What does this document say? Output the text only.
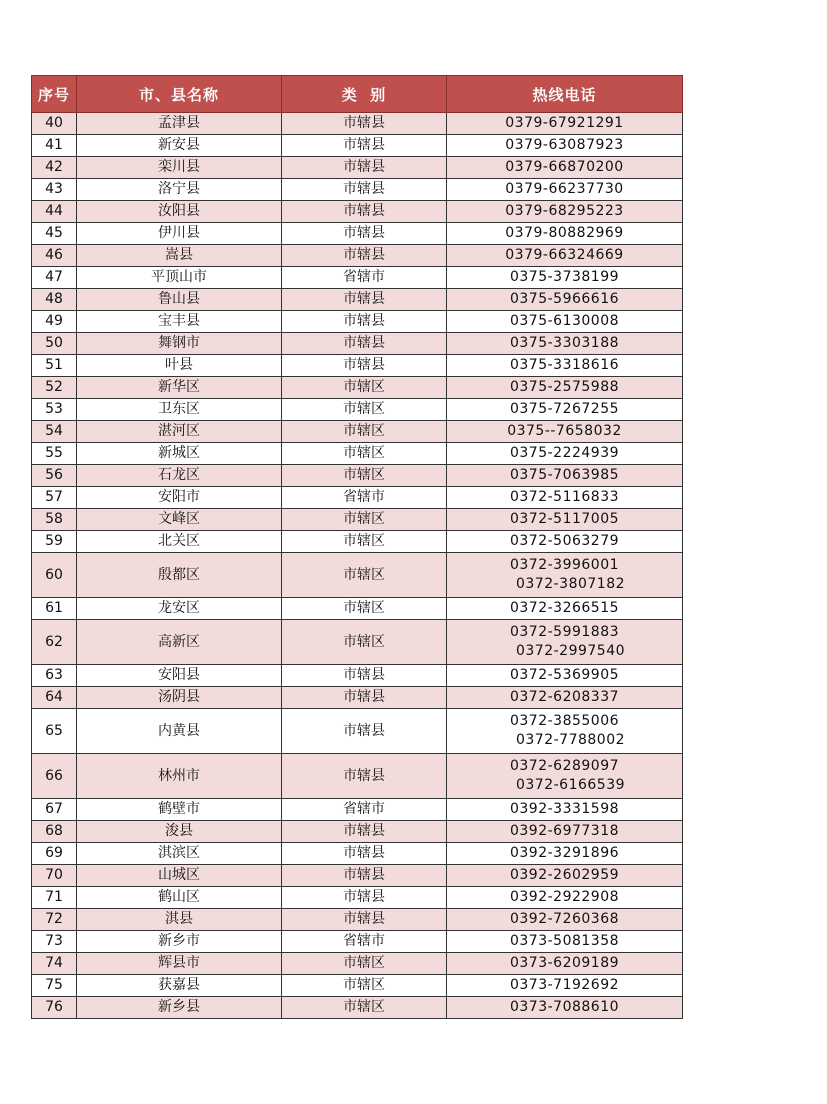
序号	市、县名称	类  别	热线电话
40	孟津县	市辖县	0379-67921291

41	新安县	市辖县	0379-63087923

42	栾川县	市辖县	0379-66870200

43	洛宁县	市辖县	0379-66237730

44	汝阳县	市辖县	0379-68295223

45	伊川县	市辖县	0379-80882969

46	嵩县	市辖县	0379-66324669

47	平顶山市	省辖市	0375-3738199

48	鲁山县	市辖县	0375-5966616

49	宝丰县	市辖县	0375-6130008

50	舞钢市	市辖县	0375-3303188

51	叶县	市辖县	0375-3318616

52	新华区	市辖区	0375-2575988

53	卫东区	市辖区	0375-7267255

54	湛河区	市辖区	0375--7658032

55	新城区	市辖区	0375-2224939

56	石龙区	市辖区	0375-7063985

57	安阳市	省辖市	0372-5116833

58	文峰区	市辖区	0372-5117005

59	北关区	市辖区	0372-5063279

60	殷都区	市辖区	0372-3996001
0372-3807182

61	龙安区	市辖区	0372-3266515

62	高新区	市辖区	0372-5991883
0372-2997540

63	安阳县	市辖县	0372-5369905

64	汤阴县	市辖县	0372-6208337

65	内黄县	市辖县	0372-3855006
0372-7788002

66	林州市	市辖县	0372-6289097
0372-6166539

67	鹤壁市	省辖市	0392-3331598

68	浚县	市辖县	0392-6977318

69	淇滨区	市辖县	0392-3291896

70	山城区	市辖县	0392-2602959

71	鹤山区	市辖县	0392-2922908

72	淇县	市辖县	0392-7260368

73	新乡市	省辖市	0373-5081358

74	辉县市	市辖区	0373-6209189

75	获嘉县	市辖区	0373-7192692

76	新乡县	市辖区	0373-7088610
